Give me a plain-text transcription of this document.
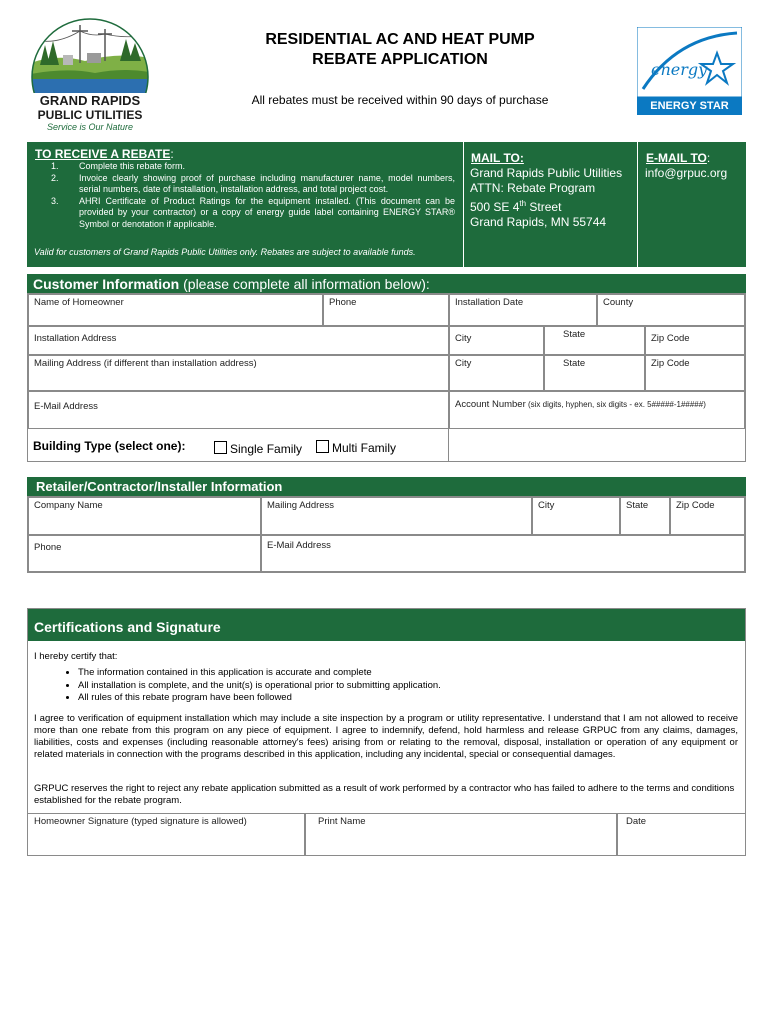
GRAND RAPIDS
PUBLIC UTILITIES
Service is Our Nature
RESIDENTIAL AC AND HEAT PUMP
REBATE APPLICATION
All rebates must be received within 90 days of purchase
energy
ENERGY STAR
TO RECEIVE A REBATE:
1.	Complete this rebate form.
2.	Invoice clearly showing proof of purchase including manufacturer name, model numbers, serial numbers, date of installation, installation address, and total project cost.
3.	AHRI Certificate of Product Ratings for the equipment installed. (This document can be provided by your contractor) or a copy of energy guide label containing ENERGY STAR® Symbol or denotation if applicable.
Valid for customers of Grand Rapids Public Utilities only. Rebates are subject to available funds.
MAIL TO:
Grand Rapids Public Utilities
ATTN: Rebate Program
500 SE 4th Street
Grand Rapids, MN 55744
E-MAIL TO:
info@grpuc.org
Customer Information (please complete all information below):
Name of Homeowner	Phone	Installation Date	County
Installation Address	City	State	Zip Code
Mailing Address (if different than installation address)	City	State	Zip Code
E-Mail Address	Account Number (six digits, hyphen, six digits - ex. 5#####-1#####)
Building Type (select one):	Single Family	Multi Family
Retailer/Contractor/Installer Information
Company Name	Mailing Address	City	State	Zip Code
Phone	E-Mail Address
Certifications and Signature
I hereby certify that:
• The information contained in this application is accurate and complete
• All installation is complete, and the unit(s) is operational prior to submitting application.
• All rules of this rebate program have been followed
I agree to verification of equipment installation which may include a site inspection by a program or utility representative. I understand that I am not allowed to receive more than one rebate from this program on any piece of equipment. I agree to indemnify, defend, hold harmless and release GRPUC from any claims, damages, liabilities, costs and expenses (including reasonable attorney's fees) arising from or relating to the removal, disposal, installation or operation of any equipment or related materials in connection with the programs described in this application, including any incidental, special or consequential damages.
GRPUC reserves the right to reject any rebate application submitted as a result of work performed by a contractor who has failed to adhere to the terms and conditions established for the rebate program.
Homeowner Signature (typed signature is allowed)	Print Name	Date
